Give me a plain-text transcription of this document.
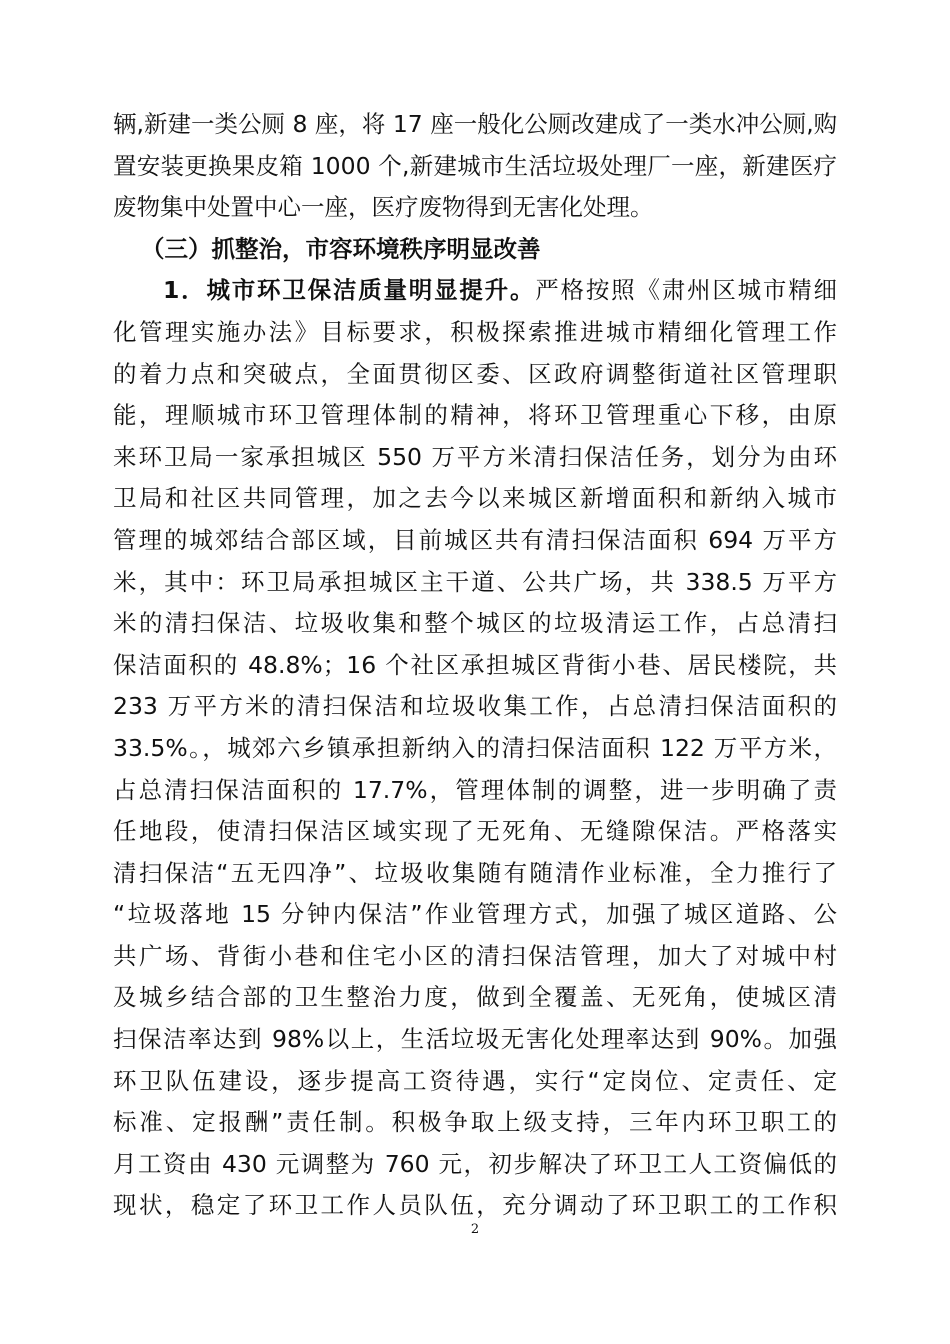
辆,新建一类公厕 8 座，将 17 座一般化公厕改建成了一类水冲公厕,购
置安装更换果皮箱 1000 个,新建城市生活垃圾处理厂一座，新建医疗
废物集中处置中心一座，医疗废物得到无害化处理。
（三）抓整治，市容环境秩序明显改善
1．城市环卫保洁质量明显提升。严格按照《肃州区城市精细
化管理实施办法》目标要求，积极探索推进城市精细化管理工作
的着力点和突破点，全面贯彻区委、区政府调整街道社区管理职
能，理顺城市环卫管理体制的精神，将环卫管理重心下移，由原
来环卫局一家承担城区 550 万平方米清扫保洁任务，划分为由环
卫局和社区共同管理，加之去今以来城区新增面积和新纳入城市
管理的城郊结合部区域，目前城区共有清扫保洁面积 694 万平方
米，其中：环卫局承担城区主干道、公共广场，共 338.5 万平方
米的清扫保洁、垃圾收集和整个城区的垃圾清运工作，占总清扫
保洁面积的 48.8%；16 个社区承担城区背街小巷、居民楼院，共
233 万平方米的清扫保洁和垃圾收集工作，占总清扫保洁面积的
33.5%。，城郊六乡镇承担新纳入的清扫保洁面积 122 万平方米，
占总清扫保洁面积的 17.7%，管理体制的调整，进一步明确了责
任地段，使清扫保洁区域实现了无死角、无缝隙保洁。严格落实
清扫保洁“五无四净”、垃圾收集随有随清作业标准，全力推行了
“垃圾落地 15 分钟内保洁”作业管理方式，加强了城区道路、公
共广场、背街小巷和住宅小区的清扫保洁管理，加大了对城中村
及城乡结合部的卫生整治力度，做到全覆盖、无死角，使城区清
扫保洁率达到 98%以上，生活垃圾无害化处理率达到 90%。加强
环卫队伍建设，逐步提高工资待遇，实行“定岗位、定责任、定
标准、定报酬”责任制。积极争取上级支持，三年内环卫职工的
月工资由 430 元调整为 760 元，初步解决了环卫工人工资偏低的
现状，稳定了环卫工作人员队伍，充分调动了环卫职工的工作积
2
